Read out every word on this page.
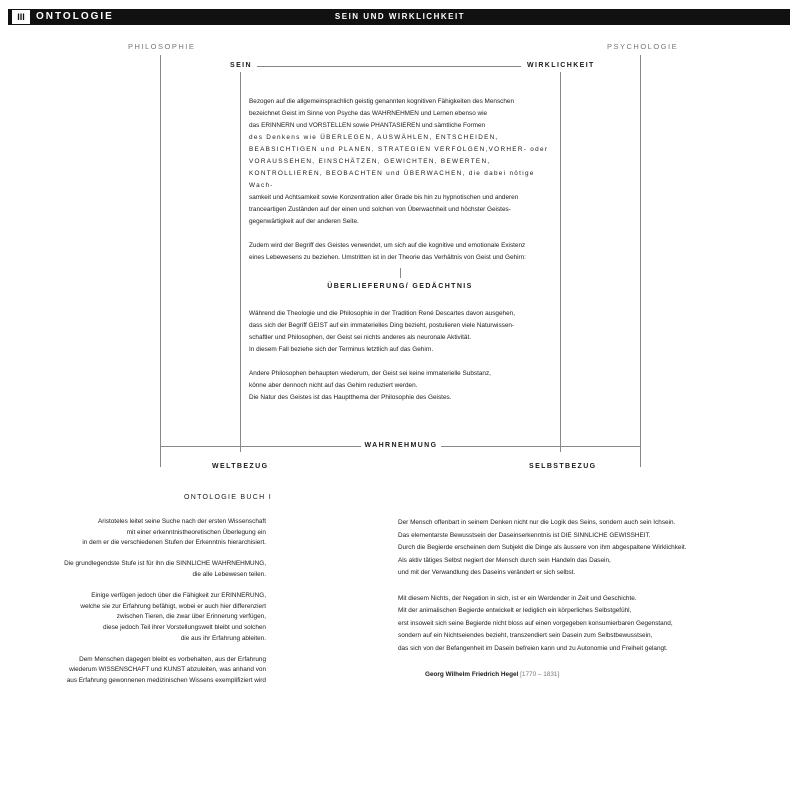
III	ONTOLOGIE	SEIN UND WIRKLICHKEIT
PHILOSOPHIE	PSYCHOLOGIE
SEIN	WIRKLICHKEIT
ÜBERLIEFERUNG/ GEDÄCHTNIS
WAHRNEHMUNG
WELTBEZUG	SELBSTBEZUG
Bezogen auf die allgemeinsprachlich geistig genannten kognitiven Fähigkeiten des Menschen
bezeichnet Geist im Sinne von Psyche das WAHRNEHMEN und Lernen ebenso wie
das ERINNERN und VORSTELLEN sowie PHANTASIEREN und sämtliche Formen
des Denkens wie ÜBERLEGEN, AUSWÄHLEN, ENTSCHEIDEN,
BEABSICHTIGEN und PLANEN, STRATEGIEN VERFOLGEN,VORHER- oder
VORAUSSEHEN, EINSCHÄTZEN, GEWICHTEN, BEWERTEN,
KONTROLLIEREN, BEOBACHTEN und ÜBERWACHEN, die dabei nötige Wach-
samkeit und Achtsamkeit sowie Konzentration aller Grade bis hin zu hypnotischen und anderen
tranceartigen Zuständen auf der einen und solchen von Überwachheit und höchster Geistes-
gegenwärtigkeit auf der anderen Seite.
Zudem wird der Begriff des Geistes verwendet, um sich auf die kognitive und emotionale Existenz
eines Lebewesens zu beziehen. Umstritten ist in der Theorie das Verhältnis von Geist und Gehirn:
Während die Theologie und die Philosophie in der Tradition René Descartes davon ausgehen,
dass sich der Begriff GEIST auf ein immaterielles Ding bezieht, postulieren viele Naturwissen-
schaftler und Philosophen, der Geist sei nichts anderes als neuronale Aktivität.
In diesem Fall beziehe sich der Terminus letztlich auf das Gehirn.
Andere Philosophen behaupten wiederum, der Geist sei keine immaterielle Substanz,
könne aber dennoch nicht auf das Gehirn reduziert werden.
Die Natur des Geistes ist das Hauptthema der Philosophie des Geistes.
ONTOLOGIE BUCH I

Aristoteles leitet seine Suche nach der ersten Wissenschaft
mit einer erkenntnistheoretischen Überlegung ein
in dem er die verschiedenen Stufen der Erkenntnis hierarchisiert.

Die grundlegendste Stufe ist für ihn die SINNLICHE WAHRNEHMUNG,
die alle Lebewesen teilen.

Einige verfügen jedoch über die Fähigkeit zur ERINNERUNG,
welche sie zur Erfahrung befähigt, wobei er auch hier differenziert
zwischen Tieren, die zwar über Erinnerung verfügen,
diese jedoch Teil ihrer Vorstellungswelt bleibt und solchen
die aus ihr Erfahrung ableiten.

Dem Menschen dagegen bleibt es vorbehalten, aus der Erfahrung
wiederum WISSENSCHAFT und KUNST abzuleiten, was anhand von
aus Erfahrung gewonnenen medizinischen Wissens exemplifiziert wird

Der Mensch offenbart in seinem Denken nicht nur die Logik des Seins, sondern auch sein Ichsein.
Das elementarste Bewusstsein der Daseinserkenntnis ist DIE SINNLICHE GEWISSHEIT.
Durch die Begierde erscheinen dem Subjekt die Dinge als äussere von ihm abgespaltene Wirklichkeit.
Als aktiv tätiges Selbst negiert der Mensch durch sein Handeln das Dasein,
und mit der Verwandlung des Daseins verändert er sich selbst.

Mit diesem Nichts, der Negation in sich, ist er ein Werdender in Zeit und Geschichte.
Mit der animalischen Begierde entwickelt er lediglich ein körperliches Selbstgefühl,
erst insoweit sich seine Begierde nicht bloss auf einen vorgegeben konsumierbaren Gegenstand,
sondern auf ein Nichtseiendes bezieht, transzendiert sein Dasein zum Selbstbewusstsein,
das sich von der Befangenheit im Dasein befreien kann und zu Autonomie und Freiheit gelangt.

Georg Wilhelm Friedrich Hegel [1770 – 1831]
